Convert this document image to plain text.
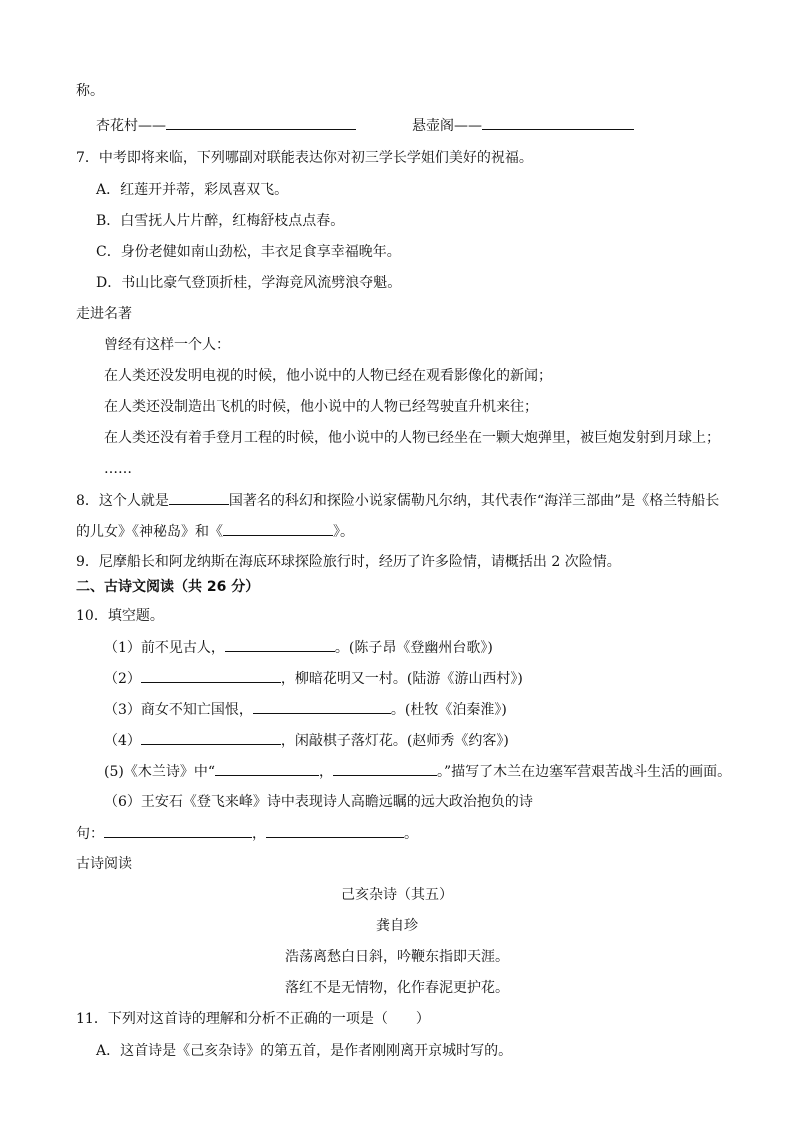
称。
杏花村——	悬壶阁——
7．中考即将来临，下列哪副对联能表达你对初三学长学姐们美好的祝福。
A．红莲开并蒂，彩凤喜双飞。
B．白雪抚人片片醉，红梅舒枝点点春。
C．身份老健如南山劲松，丰衣足食享幸福晚年。
D．书山比豪气登顶折桂，学海竞风流劈浪夺魁。
走进名著
曾经有这样一个人：
在人类还没发明电视的时候，他小说中的人物已经在观看影像化的新闻；
在人类还没制造出飞机的时候，他小说中的人物已经驾驶直升机来往；
在人类还没有着手登月工程的时候，他小说中的人物已经坐在一颗大炮弹里，被巨炮发射到月球上；
……
8．这个人就是	国著名的科幻和探险小说家儒勒凡尔纳，其代表作“海洋三部曲”是《格兰特船长
的儿女》《神秘岛》和《	》。
9．尼摩船长和阿龙纳斯在海底环球探险旅行时，经历了许多险情，请概括出 2 次险情。
二、古诗文阅读（共 26 分）
10．填空题。
（1）前不见古人，	。(陈子昂《登幽州台歌》)
（2）	，柳暗花明又一村。(陆游《游山西村》)
（3）商女不知亡国恨，	。(杜牧《泊秦淮》)
（4）	，闲敲棋子落灯花。(赵师秀《约客》)
(5)《木兰诗》中“	，	。”描写了木兰在边塞军营艰苦战斗生活的画面。
（6）王安石《登飞来峰》诗中表现诗人高瞻远瞩的远大政治抱负的诗
句：	，	。
古诗阅读
己亥杂诗（其五）
龚自珍
浩荡离愁白日斜，吟鞭东指即天涯。
落红不是无情物，化作春泥更护花。
11．下列对这首诗的理解和分析不正确的一项是（　　）
A．这首诗是《己亥杂诗》的第五首，是作者刚刚离开京城时写的。
